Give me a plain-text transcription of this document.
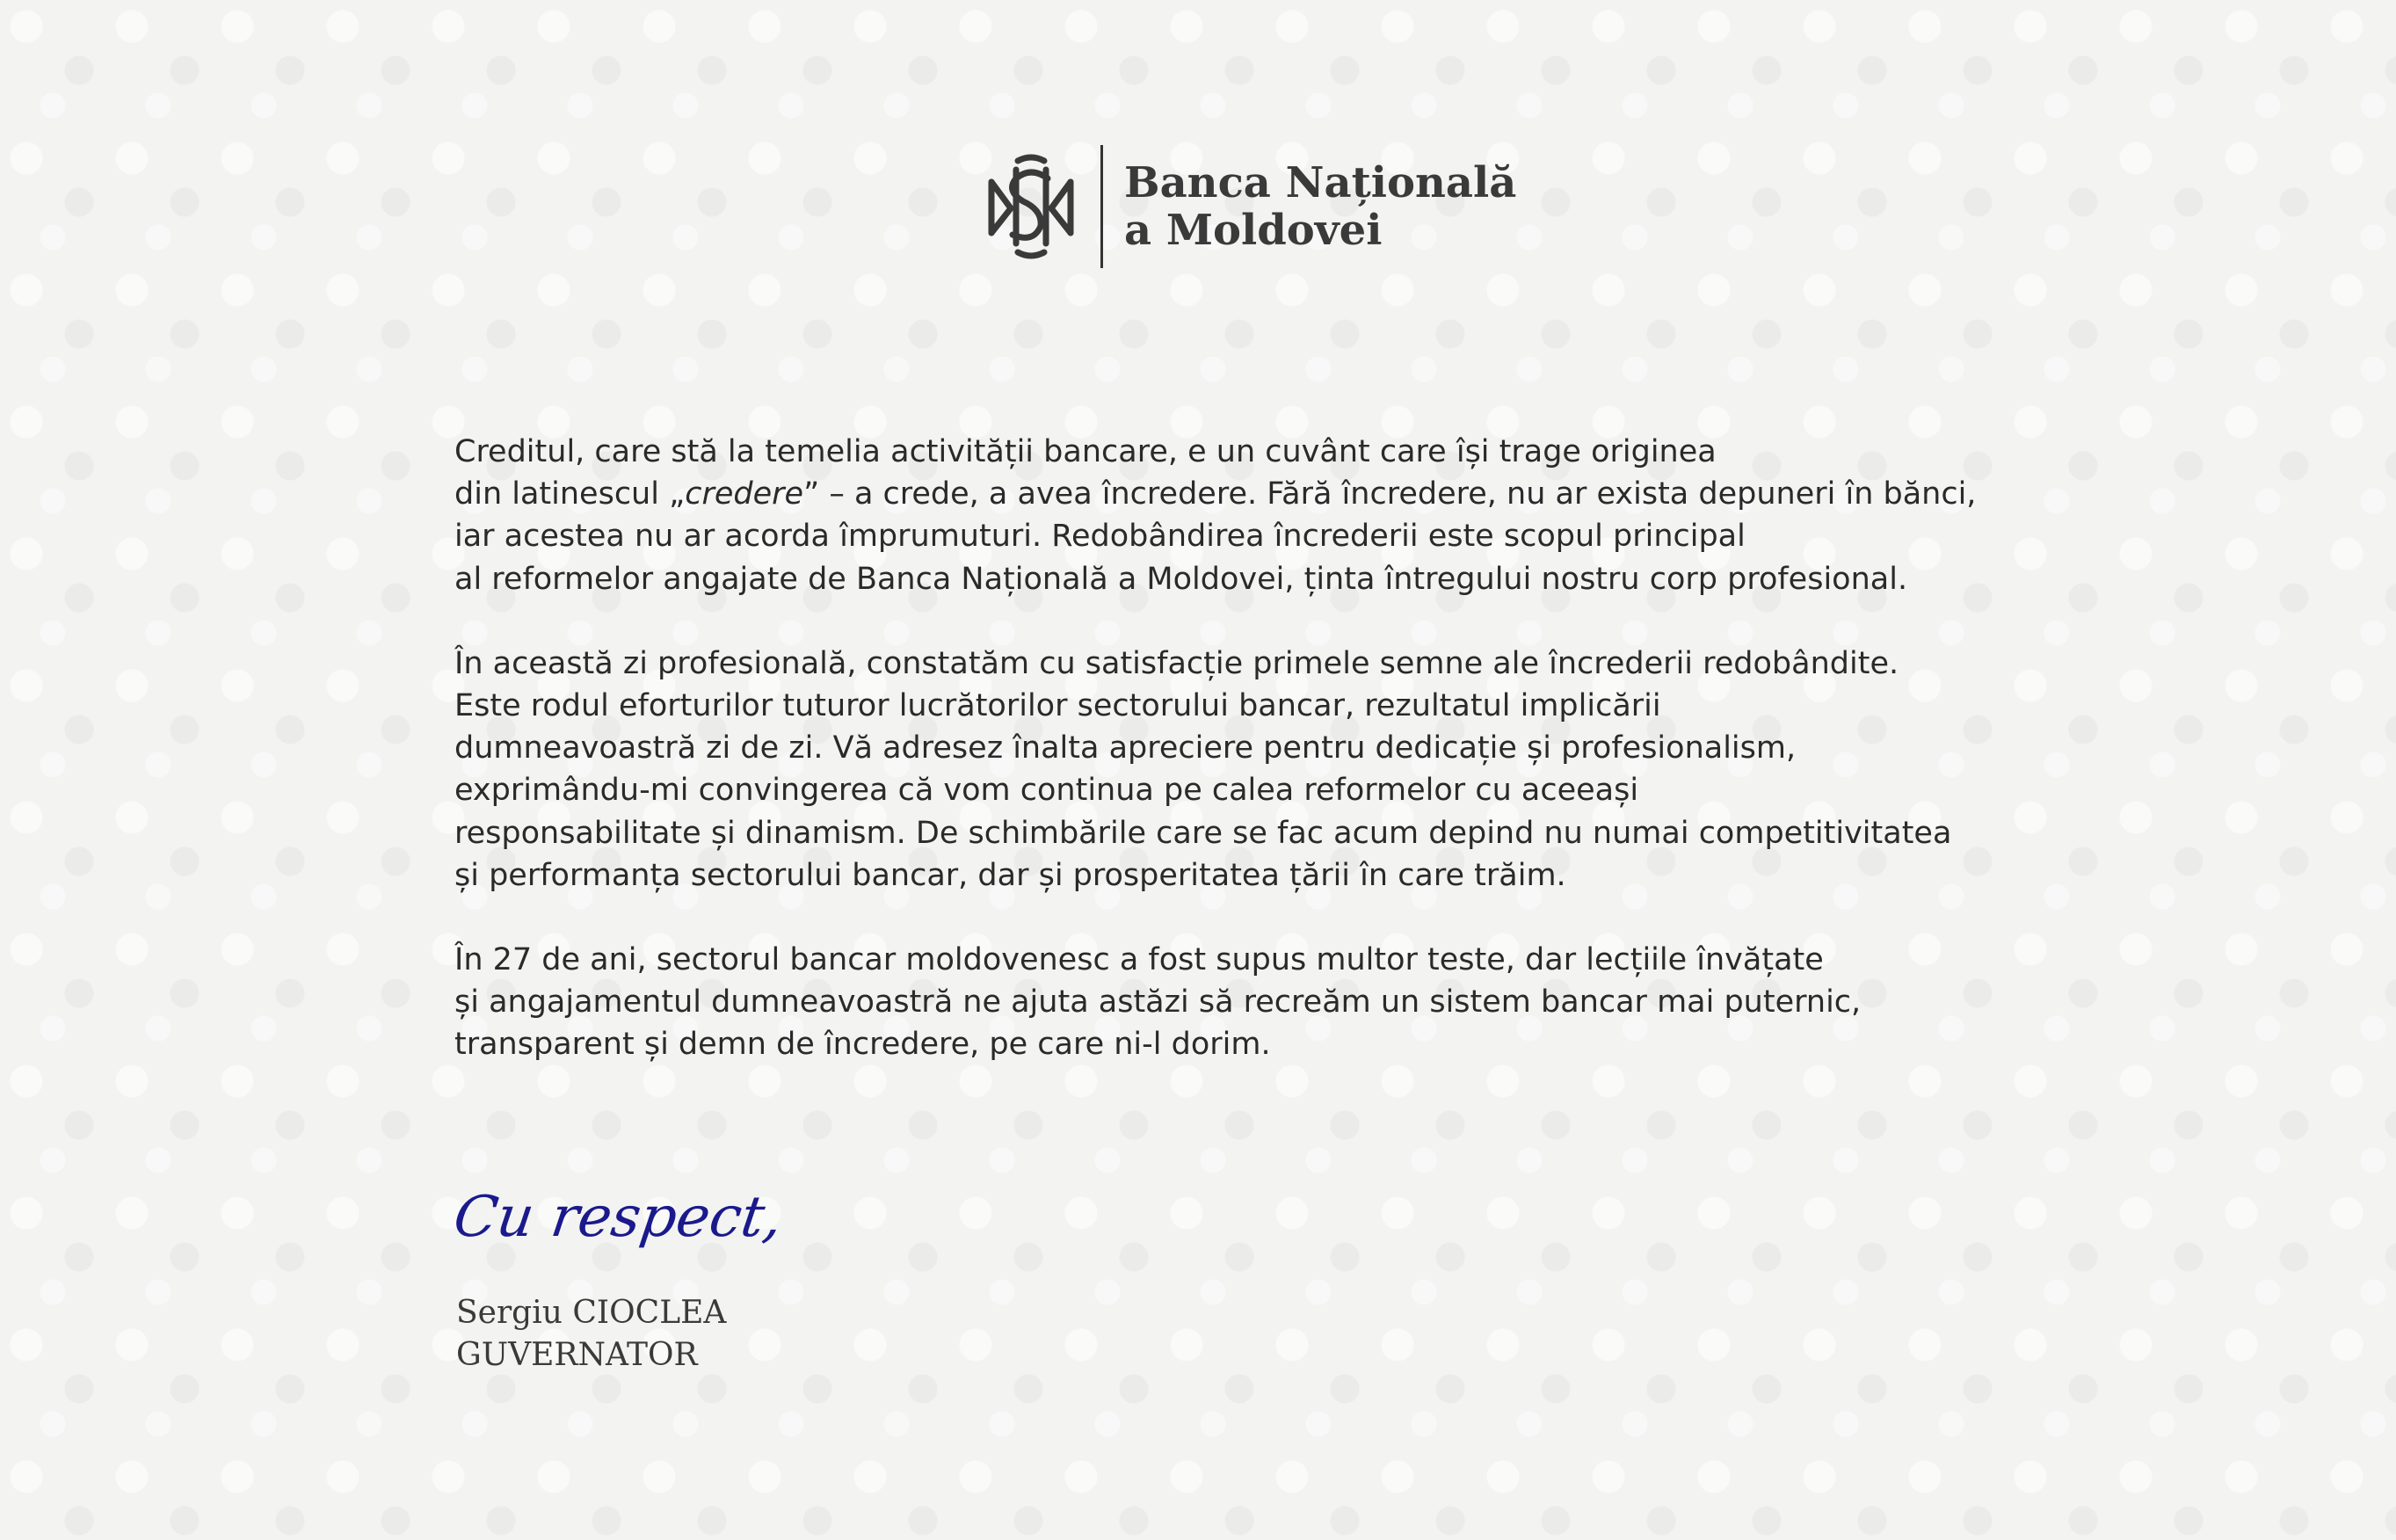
Banca Națională
a Moldovei

Creditul, care stă la temelia activității bancare, e un cuvânt care își trage originea
din latinescul „credere” – a crede, a avea încredere. Fără încredere, nu ar exista depuneri în bănci,
iar acestea nu ar acorda împrumuturi. Redobândirea încrederii este scopul principal
al reformelor angajate de Banca Națională a Moldovei, ținta întregului nostru corp profesional.

În această zi profesională, constatăm cu satisfacție primele semne ale încrederii redobândite.
Este rodul eforturilor tuturor lucrătorilor sectorului bancar, rezultatul implicării
dumneavoastră zi de zi. Vă adresez înalta apreciere pentru dedicație și profesionalism,
exprimându-mi convingerea că vom continua pe calea reformelor cu aceeași
responsabilitate și dinamism. De schimbările care se fac acum depind nu numai competitivitatea
și performanța sectorului bancar, dar și prosperitatea țării în care trăim.

În 27 de ani, sectorul bancar moldovenesc a fost supus multor teste, dar lecțiile învățate
și angajamentul dumneavoastră ne ajuta astăzi să recreăm un sistem bancar mai puternic,
transparent și demn de încredere, pe care ni-l dorim.

Cu respect,
Sergiu CIOCLEA
GUVERNATOR
